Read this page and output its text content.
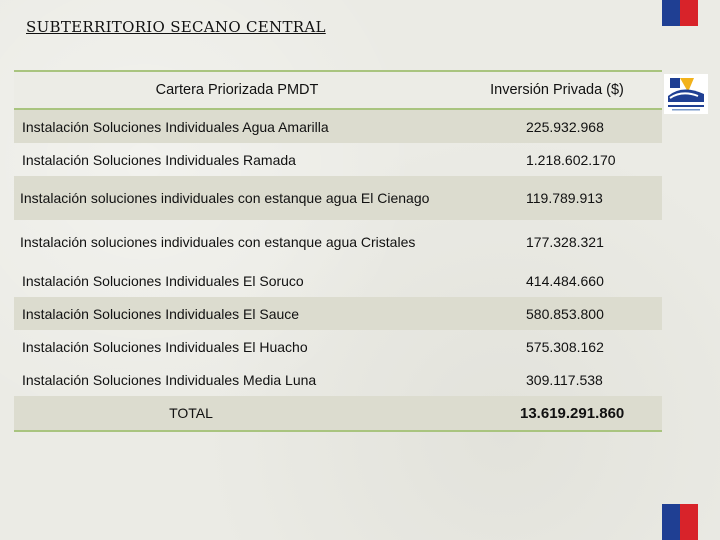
SUBTERRITORIO SECANO CENTRAL
Cartera Priorizada PMDT	Inversión Privada ($)
Instalación Soluciones Individuales Agua Amarilla	225.932.968
Instalación Soluciones Individuales Ramada	1.218.602.170
Instalación soluciones individuales con estanque agua El Cienago	119.789.913
Instalación soluciones individuales con estanque agua Cristales	177.328.321
Instalación Soluciones Individuales El Soruco	414.484.660
Instalación Soluciones Individuales El Sauce	580.853.800
Instalación Soluciones Individuales El Huacho	575.308.162
Instalación Soluciones Individuales Media Luna	309.117.538
TOTAL	13.619.291.860
